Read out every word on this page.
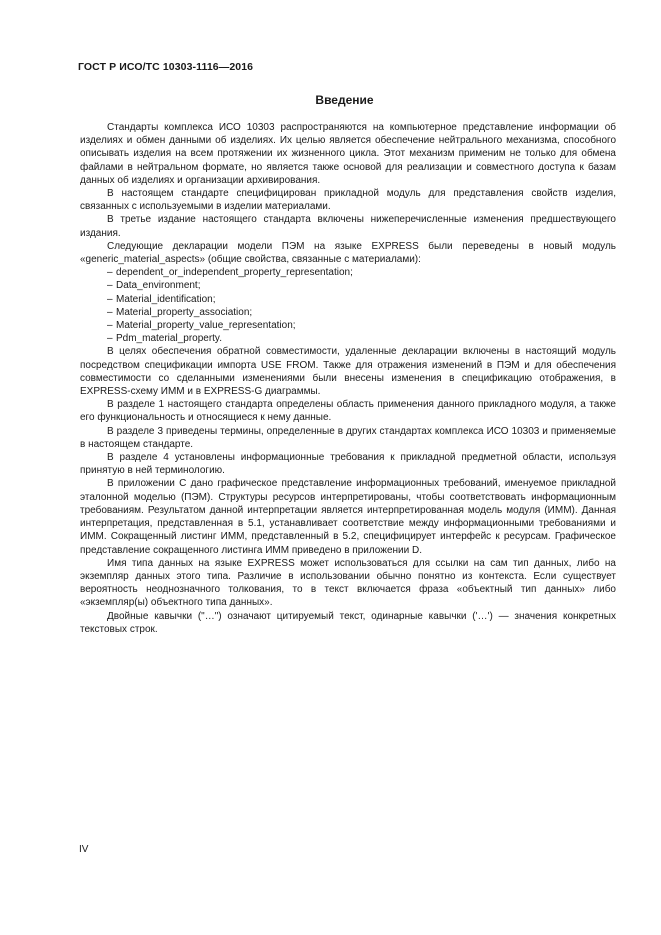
ГОСТ Р ИСО/ТС 10303-1116—2016
Введение

Стандарты комплекса ИСО 10303 распространяются на компьютерное представление информации об изделиях и обмен данными об изделиях. Их целью является обеспечение нейтрального механизма, способного описывать изделия на всем протяжении их жизненного цикла. Этот механизм применим не только для обмена файлами в нейтральном формате, но является также основой для реализации и совместного доступа к базам данных об изделиях и организации архивирования.

В настоящем стандарте специфицирован прикладной модуль для представления свойств изделия, связанных с используемыми в изделии материалами.

В третье издание настоящего стандарта включены нижеперечисленные изменения предшествующего издания.

Следующие декларации модели ПЭМ на языке EXPRESS были переведены в новый модуль «generic_material_aspects» (общие свойства, связанные с материалами):

– dependent_or_independent_property_representation;
– Data_environment;
– Material_identification;
– Material_property_association;
– Material_property_value_representation;
– Pdm_material_property.

В целях обеспечения обратной совместимости, удаленные декларации включены в настоящий модуль посредством спецификации импорта USE FROM. Также для отражения изменений в ПЭМ и для обеспечения совместимости со сделанными изменениями были внесены изменения в спецификацию отображения, в EXPRESS-схему ИММ и в EXPRESS-G диаграммы.

В разделе 1 настоящего стандарта определены область применения данного прикладного модуля, а также его функциональность и относящиеся к нему данные.

В разделе 3 приведены термины, определенные в других стандартах комплекса ИСО 10303 и применяемые в настоящем стандарте.

В разделе 4 установлены информационные требования к прикладной предметной области, используя принятую в ней терминологию.

В приложении С дано графическое представление информационных требований, именуемое прикладной эталонной моделью (ПЭМ). Структуры ресурсов интерпретированы, чтобы соответствовать информационным требованиям. Результатом данной интерпретации является интерпретированная модель модуля (ИММ). Данная интерпретация, представленная в 5.1, устанавливает соответствие между информационными требованиями и ИММ. Сокращенный листинг ИММ, представленный в 5.2, специфицирует интерфейс к ресурсам. Графическое представление сокращенного листинга ИММ приведено в приложении D.

Имя типа данных на языке EXPRESS может использоваться для ссылки на сам тип данных, либо на экземпляр данных этого типа. Различие в использовании обычно понятно из контекста. Если существует вероятность неоднозначного толкования, то в текст включается фраза «объектный тип данных» либо «экземпляр(ы) объектного типа данных».

Двойные кавычки ("…") означают цитируемый текст, одинарные кавычки ('…') — значения конкретных текстовых строк.

IV
